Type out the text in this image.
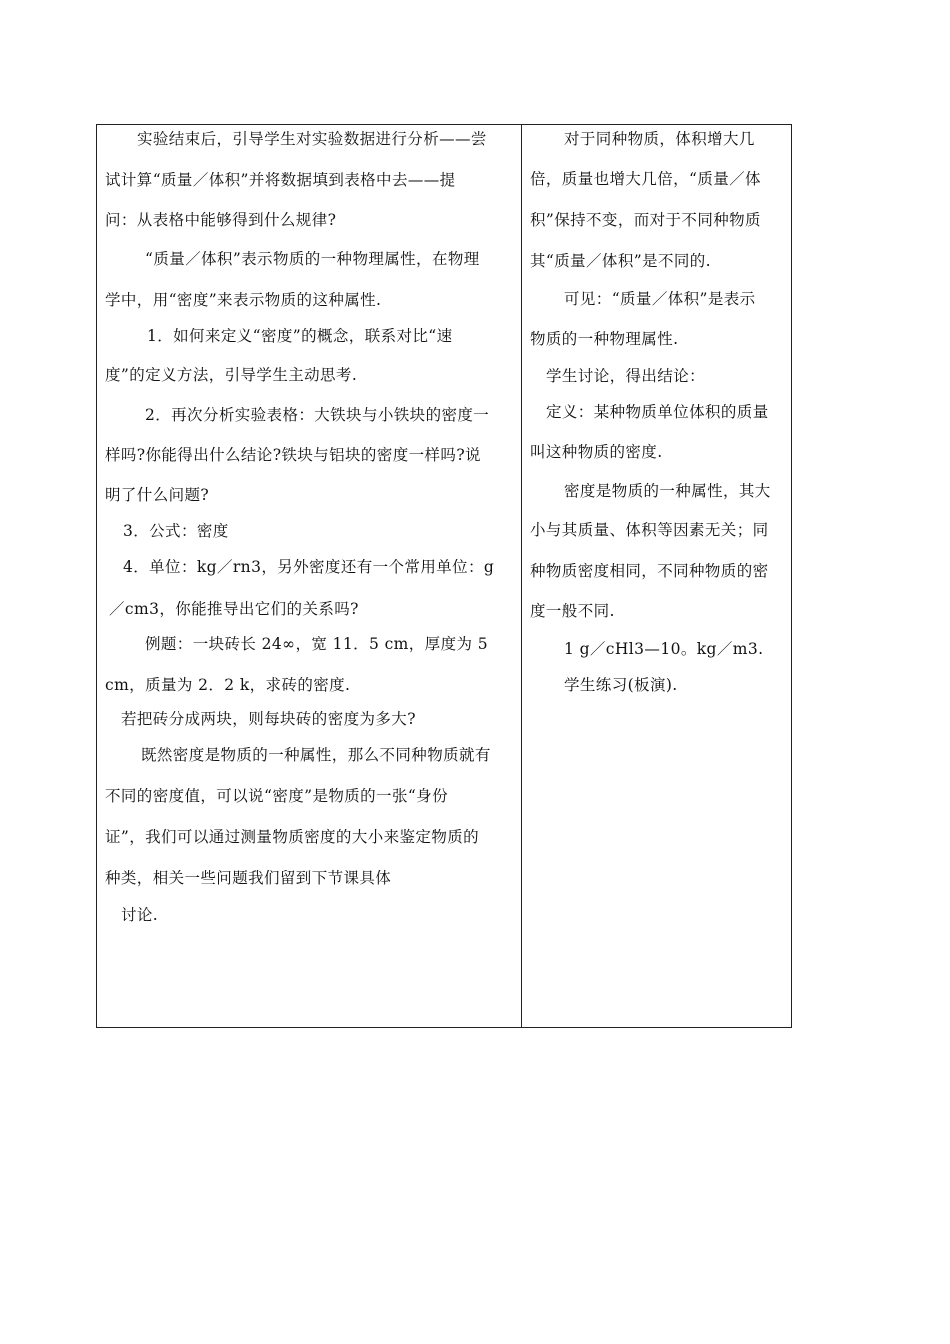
实验结束后，引导学生对实验数据进行分析——尝
试计算“质量／体积”并将数据填到表格中去——提
问：从表格中能够得到什么规律?
“质量／体积”表示物质的一种物理属性，在物理
学中，用“密度”来表示物质的这种属性.
1．如何来定义“密度”的概念，联系对比“速
度”的定义方法，引导学生主动思考.
2．再次分析实验表格：大铁块与小铁块的密度一
样吗?你能得出什么结论?铁块与铝块的密度一样吗?说
明了什么问题?
3．公式：密度
4．单位：kg／rn3，另外密度还有一个常用单位：g
／cm3，你能推导出它们的关系吗?
例题：一块砖长 24∞，宽 11．5 cm，厚度为 5
cm，质量为 2．2 k，求砖的密度.
若把砖分成两块，则每块砖的密度为多大?
既然密度是物质的一种属性，那么不同种物质就有
不同的密度值，可以说“密度”是物质的一张“身份
证”，我们可以通过测量物质密度的大小来鉴定物质的
种类，相关一些问题我们留到下节课具体
讨论.
对于同种物质，体积增大几
倍，质量也增大几倍，“质量／体
积”保持不变，而对于不同种物质
其“质量／体积”是不同的.
可见：“质量／体积”是表示
物质的一种物理属性.
学生讨论，得出结论：
定义：某种物质单位体积的质量
叫这种物质的密度.
密度是物质的一种属性，其大
小与其质量、体积等因素无关；同
种物质密度相同，不同种物质的密
度一般不同.
1 g／cHl3—10。kg／m3.
学生练习(板演).
